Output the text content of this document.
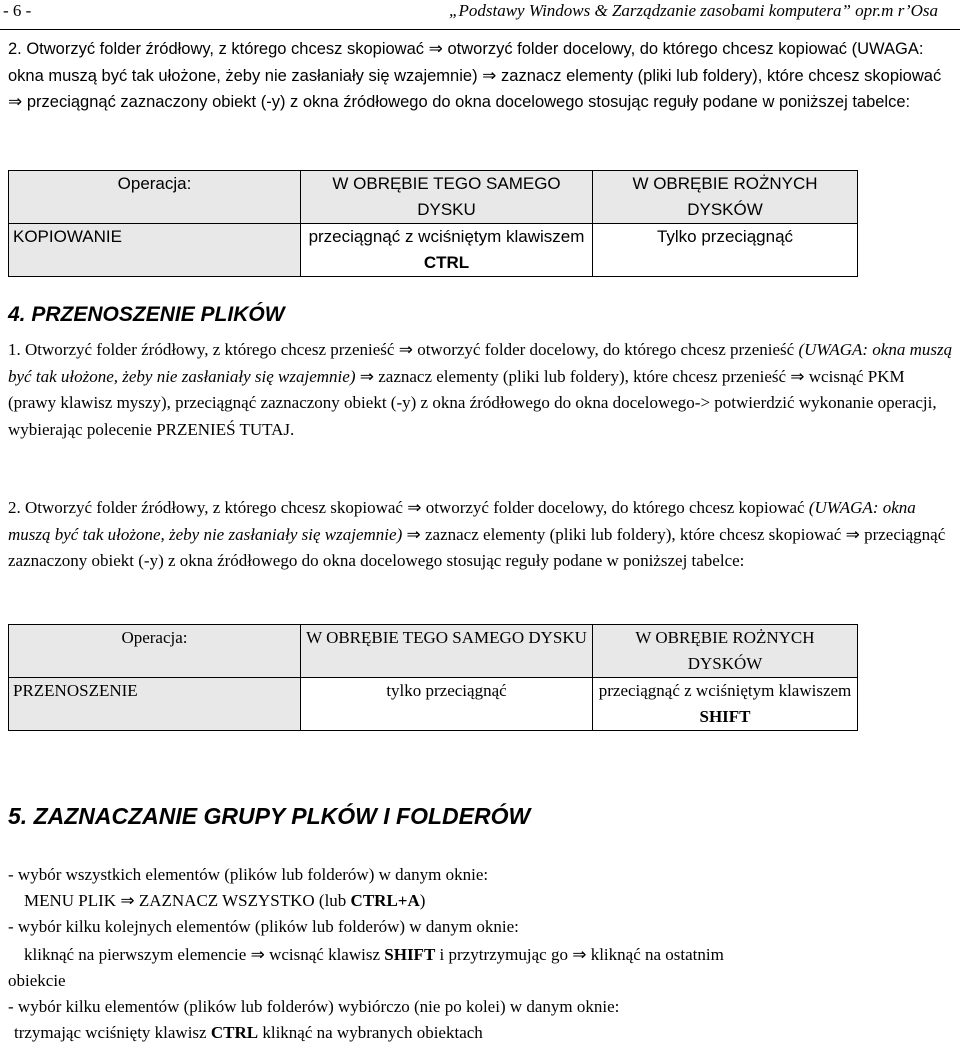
- 6 -	„Podstawy Windows & Zarządzanie zasobami komputera” opr.m r’Osa
2. Otworzyć folder źródłowy, z którego chcesz skopiować ⇒ otworzyć folder docelowy, do którego chcesz kopiować (UWAGA: okna muszą być tak ułożone, żeby nie zasłaniały się wzajemnie) ⇒ zaznacz elementy (pliki lub foldery), które chcesz skopiować ⇒ przeciągnąć zaznaczony obiekt (-y) z okna źródłowego do okna docelowego stosując reguły podane w poniższej tabelce:
Operacja:	W OBRĘBIE TEGO SAMEGO DYSKU	W OBRĘBIE ROŻNYCH DYSKÓW
KOPIOWANIE	przeciągnąć z wciśniętym klawiszem CTRL	Tylko przeciągnąć
4. PRZENOSZENIE PLIKÓW
1. Otworzyć folder źródłowy, z którego chcesz przenieść ⇒ otworzyć folder docelowy, do którego chcesz przenieść (UWAGA: okna muszą być tak ułożone, żeby nie zasłaniały się wzajemnie) ⇒ zaznacz elementy (pliki lub foldery), które chcesz przenieść ⇒ wcisnąć PKM (prawy klawisz myszy), przeciągnąć zaznaczony obiekt (-y) z okna źródłowego do okna docelowego-> potwierdzić wykonanie operacji, wybierając polecenie PRZENIEŚ TUTAJ.
2. Otworzyć folder źródłowy, z którego chcesz skopiować ⇒ otworzyć folder docelowy, do którego chcesz kopiować (UWAGA: okna muszą być tak ułożone, żeby nie zasłaniały się wzajemnie) ⇒ zaznacz elementy (pliki lub foldery), które chcesz skopiować ⇒ przeciągnąć zaznaczony obiekt (-y) z okna źródłowego do okna docelowego stosując reguły podane w poniższej tabelce:
Operacja:	W OBRĘBIE TEGO SAMEGO DYSKU	W OBRĘBIE ROŻNYCH DYSKÓW
PRZENOSZENIE	tylko przeciągnąć	przeciągnąć z wciśniętym klawiszem SHIFT
5. ZAZNACZANIE GRUPY PLKÓW I FOLDERÓW
- wybór wszystkich elementów (plików lub folderów) w danym oknie:
MENU PLIK ⇒ ZAZNACZ WSZYSTKO (lub CTRL+A)
- wybór kilku kolejnych elementów (plików lub folderów) w danym oknie:
kliknąć na pierwszym elemencie ⇒ wcisnąć klawisz SHIFT i przytrzymując go ⇒ kliknąć na ostatnim
obiekcie
- wybór kilku elementów (plików lub folderów) wybiórczo (nie po kolei) w danym oknie:
trzymając wciśnięty klawisz CTRL kliknąć na wybranych obiektach
